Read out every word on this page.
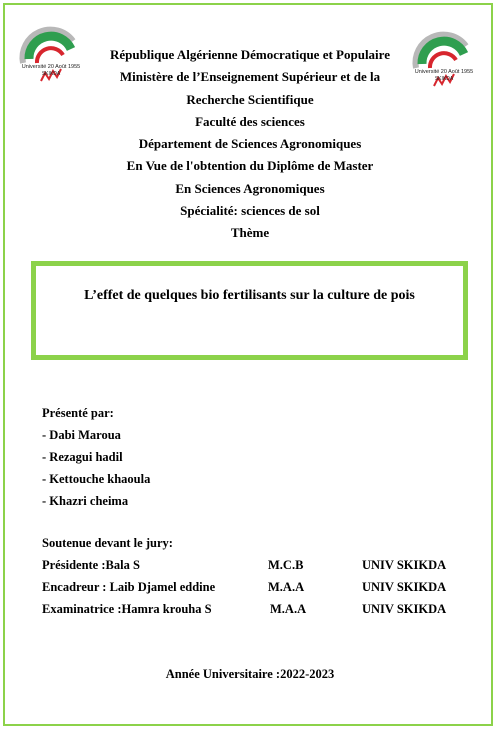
Université 20 Août 1955
SKIKDA	Université 20 Août 1955
SKIKDA
République Algérienne Démocratique et Populaire
Ministère de l’Enseignement Supérieur et de la
Recherche Scientifique
Faculté des sciences
Département de Sciences Agronomiques
En Vue de l'obtention du Diplôme de Master
En Sciences Agronomiques
Spécialité: sciences de sol
Thème
L’effet de quelques bio fertilisants sur la culture de pois
Présenté par:
- Dabi Maroua
- Rezagui hadil
- Kettouche khaoula
- Khazri cheima
Soutenue devant le jury:
Présidente :Bala S	M.C.B	UNIV SKIKDA
Encadreur : Laib Djamel eddine	M.A.A	UNIV SKIKDA
Examinatrice :Hamra krouha S	M.A.A	UNIV SKIKDA
Année Universitaire :2022-2023
